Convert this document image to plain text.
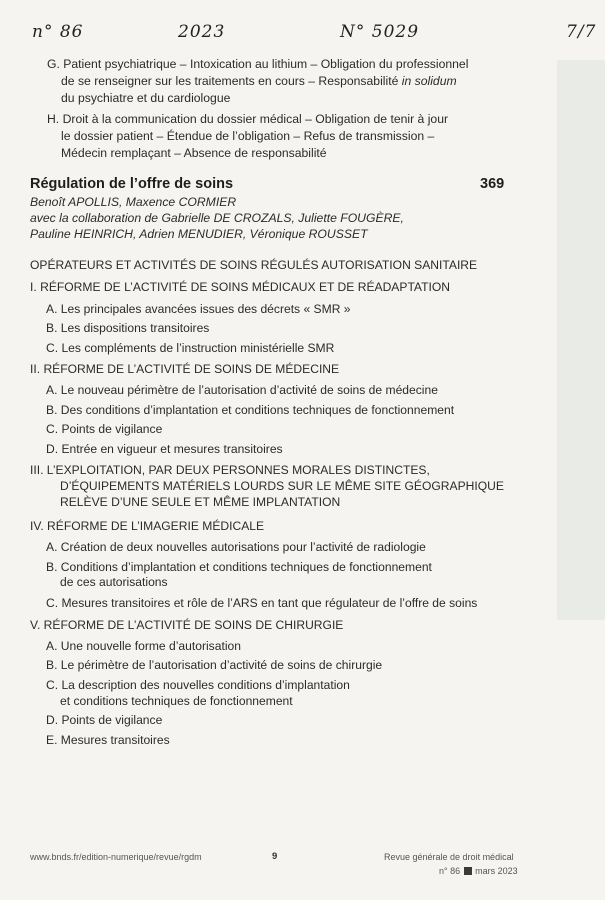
n° 86	2023	N° 5029	7/7
G. Patient psychiatrique – Intoxication au lithium – Obligation du professionnel
de se renseigner sur les traitements en cours – Responsabilité in solidum
du psychiatre et du cardiologue
H. Droit à la communication du dossier médical – Obligation de tenir à jour
le dossier patient – Étendue de l’obligation – Refus de transmission –
Médecin remplaçant – Absence de responsabilité
Régulation de l’offre de soins	369
Benoît APOLLIS, Maxence CORMIER
avec la collaboration de Gabrielle DE CROZALS, Juliette FOUGÈRE,
Pauline HEINRICH, Adrien MENUDIER, Véronique ROUSSET
OPÉRATEURS ET ACTIVITÉS DE SOINS RÉGULÉS AUTORISATION SANITAIRE
I. RÉFORME DE L’ACTIVITÉ DE SOINS MÉDICAUX ET DE RÉADAPTATION
A. Les principales avancées issues des décrets « SMR »
B. Les dispositions transitoires
C. Les compléments de l’instruction ministérielle SMR
II. RÉFORME DE L’ACTIVITÉ DE SOINS DE MÉDECINE
A. Le nouveau périmètre de l’autorisation d’activité de soins de médecine
B. Des conditions d’implantation et conditions techniques de fonctionnement
C. Points de vigilance
D. Entrée en vigueur et mesures transitoires
III. L’EXPLOITATION, PAR DEUX PERSONNES MORALES DISTINCTES,
D’ÉQUIPEMENTS MATÉRIELS LOURDS SUR LE MÊME SITE GÉOGRAPHIQUE
RELÈVE D’UNE SEULE ET MÊME IMPLANTATION
IV. RÉFORME DE L’IMAGERIE MÉDICALE
A. Création de deux nouvelles autorisations pour l’activité de radiologie
B. Conditions d’implantation et conditions techniques de fonctionnement
de ces autorisations
C. Mesures transitoires et rôle de l’ARS en tant que régulateur de l’offre de soins
V. RÉFORME DE L’ACTIVITÉ DE SOINS DE CHIRURGIE
A. Une nouvelle forme d’autorisation
B. Le périmètre de l’autorisation d’activité de soins de chirurgie
C. La description des nouvelles conditions d’implantation
et conditions techniques de fonctionnement
D. Points de vigilance
E. Mesures transitoires
www.bnds.fr/edition-numerique/revue/rgdm	9	Revue générale de droit médical
n° 86 mars 2023
